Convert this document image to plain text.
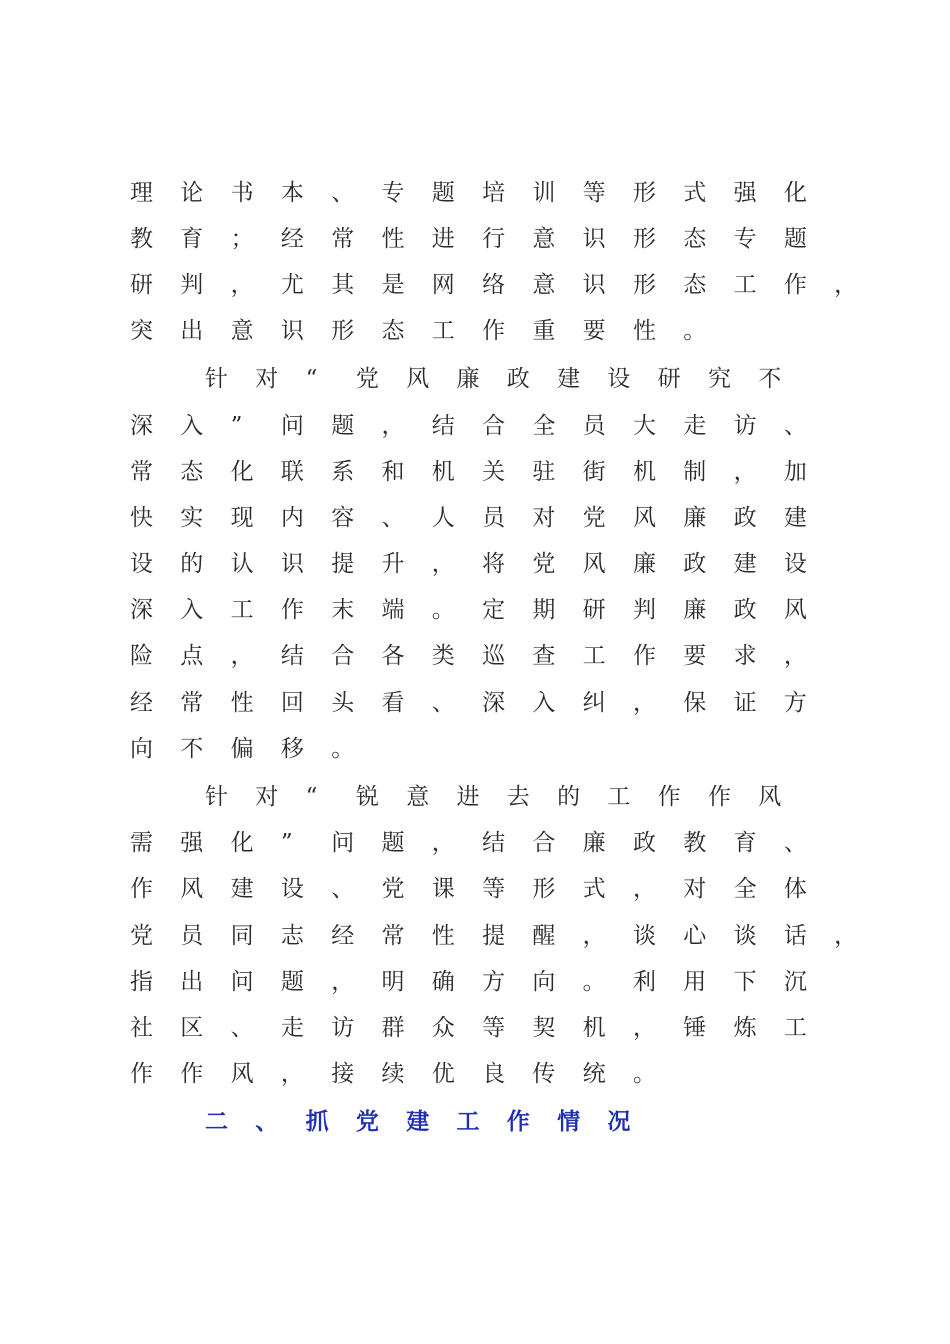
理 论 书 本 、 专 题 培 训 等 形 式 强 化
教 育 ； 经 常 性 进 行 意 识 形 态 专 题
研 判 ， 尤 其 是 网 络 意 识 形 态 工 作 ，
突 出 意 识 形 态 工 作 重 要 性 。
针 对 “ 党 风 廉 政 建 设 研 究 不
深 入 ” 问 题 ， 结 合 全 员 大 走 访 、
常 态 化 联 系 和 机 关 驻 街 机 制 ， 加
快 实 现 内 容 、 人 员 对 党 风 廉 政 建
设 的 认 识 提 升 ， 将 党 风 廉 政 建 设
深 入 工 作 末 端 。 定 期 研 判 廉 政 风
险 点 ， 结 合 各 类 巡 查 工 作 要 求 ，
经 常 性 回 头 看 、 深 入 纠 ， 保 证 方
向 不 偏 移 。
针 对 “ 锐 意 进 去 的 工 作 作 风
需 强 化 ” 问 题 ， 结 合 廉 政 教 育 、
作 风 建 设 、 党 课 等 形 式 ， 对 全 体
党 员 同 志 经 常 性 提 醒 ， 谈 心 谈 话 ，
指 出 问 题 ， 明 确 方 向 。 利 用 下 沉
社 区 、 走 访 群 众 等 契 机 ， 锤 炼 工
作 作 风 ， 接 续 优 良 传 统 。
二 、 抓 党 建 工 作 情 况
